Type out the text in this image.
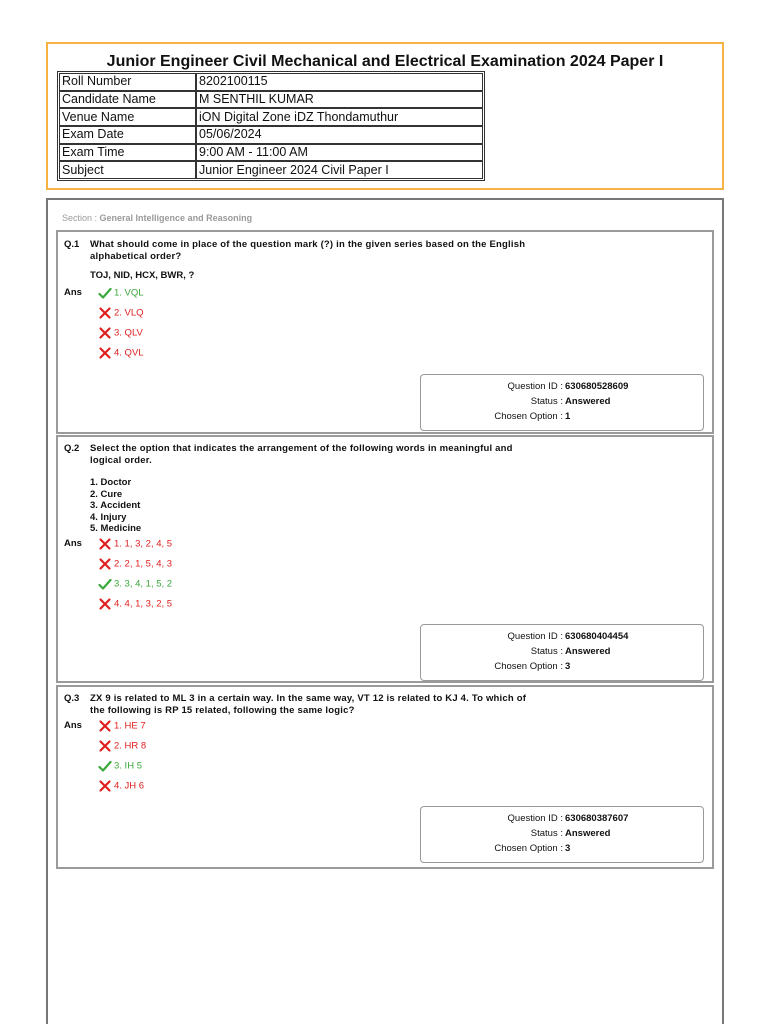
Junior Engineer Civil Mechanical and Electrical Examination 2024 Paper I
Roll Number	8202100115
Candidate Name	M SENTHIL KUMAR
Venue Name	iON Digital Zone iDZ Thondamuthur
Exam Date	05/06/2024
Exam Time	9:00 AM - 11:00 AM
Subject	Junior Engineer 2024 Civil Paper I
Section : General Intelligence and Reasoning
Q.1 What should come in place of the question mark (?) in the given series based on the English alphabetical order?
TOJ, NID, HCX, BWR, ?
Ans	1. VQL
2. VLQ
3. QLV
4. QVL
Question ID : 630680528609
Status : Answered
Chosen Option : 1
Q.2 Select the option that indicates the arrangement of the following words in meaningful and logical order.
1. Doctor
2. Cure
3. Accident
4. Injury
5. Medicine
Ans	1. 1, 3, 2, 4, 5
2. 2, 1, 5, 4, 3
3. 3, 4, 1, 5, 2
4. 4, 1, 3, 2, 5
Question ID : 630680404454
Status : Answered
Chosen Option : 3
Q.3 ZX 9 is related to ML 3 in a certain way. In the same way, VT 12 is related to KJ 4. To which of the following is RP 15 related, following the same logic?
Ans	1. HE 7
2. HR 8
3. IH 5
4. JH 6
Question ID : 630680387607
Status : Answered
Chosen Option : 3
